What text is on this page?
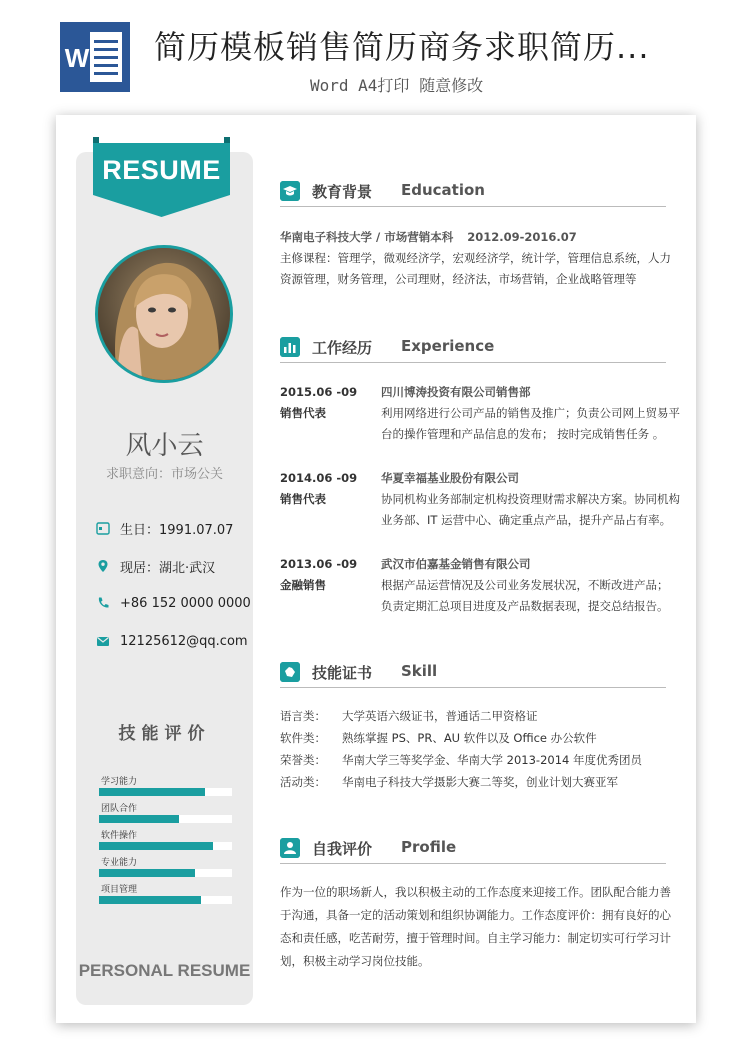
W 简历模板销售简历商务求职简历...
Word A4打印 随意修改
RESUME
风小云
求职意向：市场公关
生日：1991.07.07
现居：湖北·武汉
+86 152 0000 0000
12125612@qq.com
技能评价
学习能力
团队合作
软件操作
专业能力
项目管理
PERSONAL RESUME
教育背景 Education
华南电子科技大学 / 市场营销本科 2012.09-2016.07
主修课程：管理学，微观经济学，宏观经济学，统计学，管理信息系统，人力
资源管理，财务管理，公司理财，经济法，市场营销，企业战略管理等
工作经历 Experience
2015.06 -09
销售代表
四川博涛投资有限公司销售部
利用网络进行公司产品的销售及推广；负责公司网上贸易平
台的操作管理和产品信息的发布； 按时完成销售任务 。
2014.06 -09
销售代表
华夏幸福基业股份有限公司
协同机构业务部制定机构投资理财需求解决方案。协同机构
业务部、IT 运营中心、确定重点产品，提升产品占有率。
2013.06 -09
金融销售
武汉市伯嘉基金销售有限公司
根据产品运营情况及公司业务发展状况，不断改进产品；
负责定期汇总项目进度及产品数据表现，提交总结报告。
技能证书 Skill
语言类： 大学英语六级证书，普通话二甲资格证
软件类： 熟练掌握 PS、PR、AU 软件以及 Office 办公软件
荣誉类： 华南大学三等奖学金、华南大学 2013-2014 年度优秀团员
活动类： 华南电子科技大学摄影大赛二等奖，创业计划大赛亚军
自我评价 Profile
作为一位的职场新人，我以积极主动的工作态度来迎接工作。团队配合能力善
于沟通，具备一定的活动策划和组织协调能力。工作态度评价：拥有良好的心
态和责任感，吃苦耐劳，擅于管理时间。自主学习能力：制定切实可行学习计
划，积极主动学习岗位技能。
